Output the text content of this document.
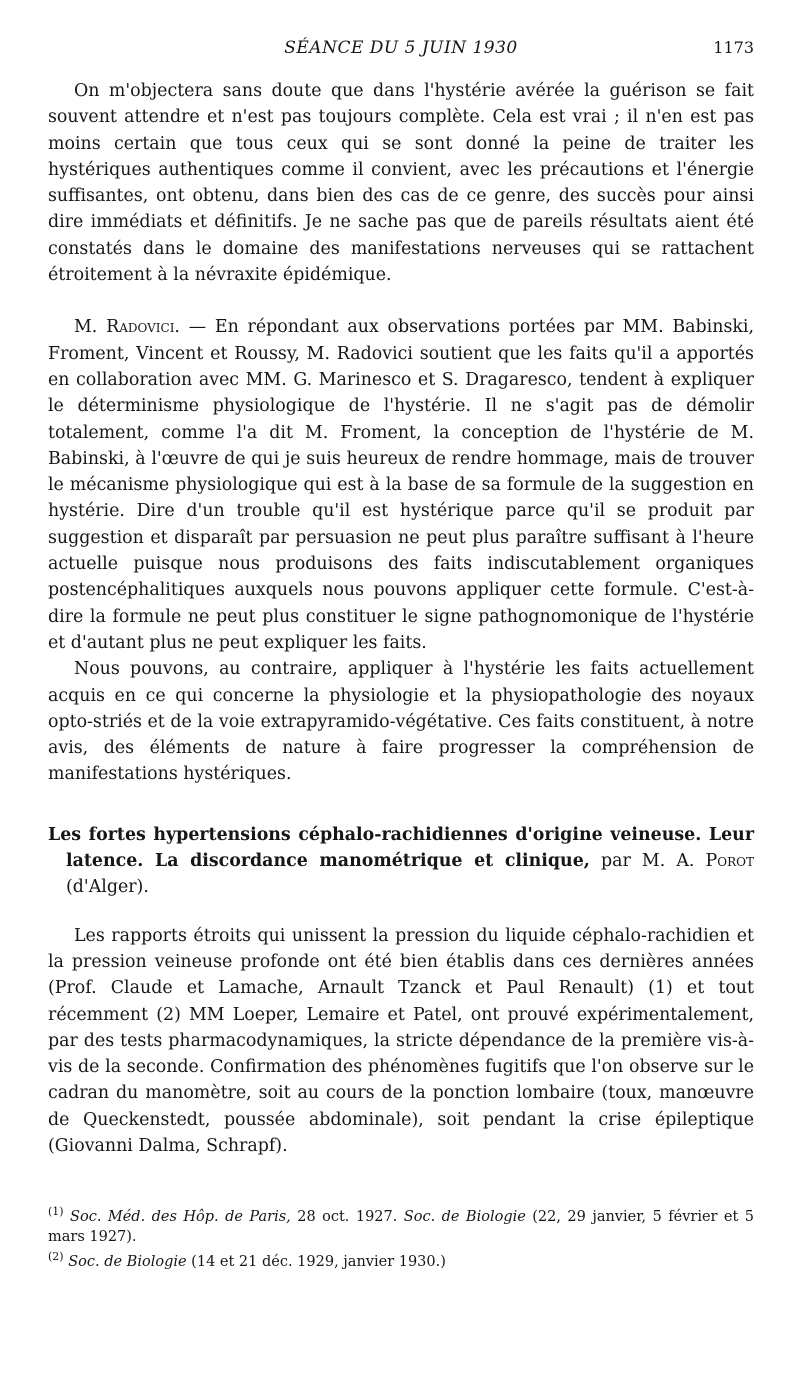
SÉANCE DU 5 JUIN 1930	1173

On m'objectera sans doute que dans l'hystérie avérée la guérison se fait souvent attendre et n'est pas toujours complète. Cela est vrai ; il n'en est pas moins certain que tous ceux qui se sont donné la peine de traiter les hystériques authentiques comme il convient, avec les précautions et l'énergie suffisantes, ont obtenu, dans bien des cas de ce genre, des succès pour ainsi dire immédiats et définitifs. Je ne sache pas que de pareils résultats aient été constatés dans le domaine des manifestations nerveuses qui se rattachent étroitement à la névraxite épidémique.

M. Radovici. — En répondant aux observations portées par MM. Babinski, Froment, Vincent et Roussy, M. Radovici soutient que les faits qu'il a apportés en collaboration avec MM. G. Marinesco et S. Dragaresco, tendent à expliquer le déterminisme physiologique de l'hystérie. Il ne s'agit pas de démolir totalement, comme l'a dit M. Froment, la conception de l'hystérie de M. Babinski, à l'œuvre de qui je suis heureux de rendre hommage, mais de trouver le mécanisme physiologique qui est à la base de sa formule de la suggestion en hystérie. Dire d'un trouble qu'il est hystérique parce qu'il se produit par suggestion et disparaît par persuasion ne peut plus paraître suffisant à l'heure actuelle puisque nous produisons des faits indiscutablement organiques postencéphalitiques auxquels nous pouvons appliquer cette formule. C'est-à-dire la formule ne peut plus constituer le signe pathognomonique de l'hystérie et d'autant plus ne peut expliquer les faits.

Nous pouvons, au contraire, appliquer à l'hystérie les faits actuellement acquis en ce qui concerne la physiologie et la physiopathologie des noyaux opto-striés et de la voie extrapyramido-végétative. Ces faits constituent, à notre avis, des éléments de nature à faire progresser la compréhension de manifestations hystériques.

Les fortes hypertensions céphalo-rachidiennes d'origine veineuse. Leur latence. La discordance manométrique et clinique, par M. A. Porot (d'Alger).

Les rapports étroits qui unissent la pression du liquide céphalo-rachidien et la pression veineuse profonde ont été bien établis dans ces dernières années (Prof. Claude et Lamache, Arnault Tzanck et Paul Renault) (1) et tout récemment (2) MM Loeper, Lemaire et Patel, ont prouvé expérimentalement, par des tests pharmacodynamiques, la stricte dépendance de la première vis-à-vis de la seconde. Confirmation des phénomènes fugitifs que l'on observe sur le cadran du manomètre, soit au cours de la ponction lombaire (toux, manœuvre de Queckenstedt, poussée abdominale), soit pendant la crise épileptique (Giovanni Dalma, Schrapf).

$^{(1)}$ Soc. Méd. des Hôp. de Paris, 28 oct. 1927. Soc. de Biologie (22, 29 janvier, 5 février et 5 mars 1927).

$^{(2)}$ Soc. de Biologie (14 et 21 déc. 1929, janvier 1930.)
